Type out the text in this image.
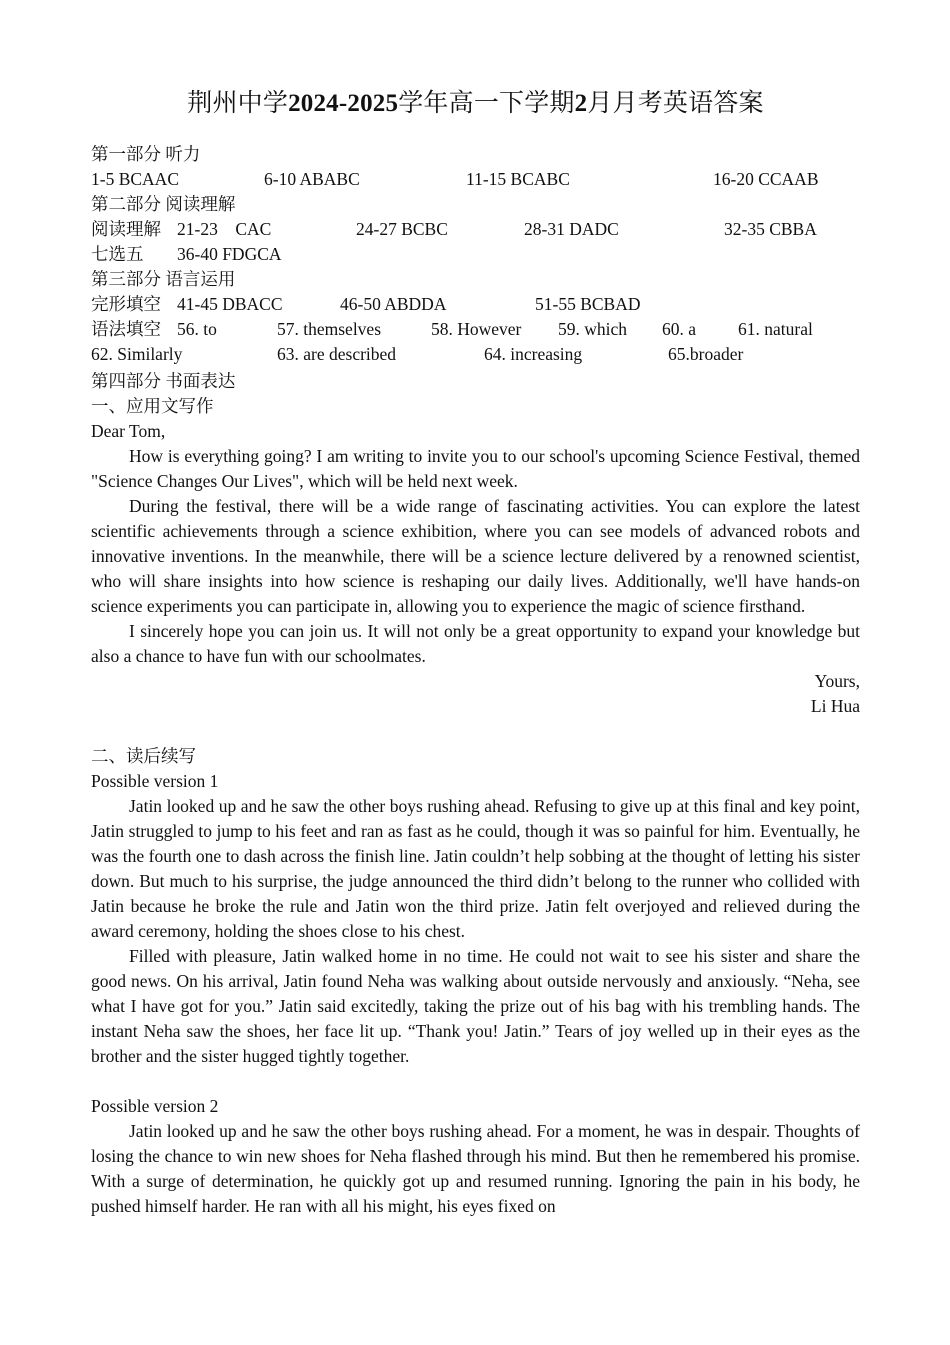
荆州中学2024-2025学年高一下学期2月月考英语答案
第一部分 听力
1-5 BCAAC	6-10 ABABC	11-15 BCABC	16-20 CCAAB
第二部分 阅读理解
阅读理解 21-23    CAC	24-27 BCBC	28-31 DADC	32-35 CBBA
七选五 36-40 FDGCA
第三部分 语言运用
完形填空 41-45 DBACC	46-50 ABDDA	51-55 BCBAD
语法填空 56. to	57. themselves	58. However 59. which 60. a 61. natural
62. Similarly	63. are described	64. increasing	65.broader
第四部分 书面表达
一、应用文写作
Dear Tom,

How is everything going? I am writing to invite you to our school's upcoming Science Festival, themed "Science Changes Our Lives", which will be held next week.

During the festival, there will be a wide range of fascinating activities. You can explore the latest scientific achievements through a science exhibition, where you can see models of advanced robots and innovative inventions. In the meanwhile, there will be a science lecture delivered by a renowned scientist, who will share insights into how science is reshaping our daily lives. Additionally, we'll have hands-on science experiments you can participate in, allowing you to experience the magic of science firsthand.

I sincerely hope you can join us. It will not only be a great opportunity to expand your knowledge but also a chance to have fun with our schoolmates.

Yours,
Li Hua
二、读后续写
Possible version 1

Jatin looked up and he saw the other boys rushing ahead. Refusing to give up at this final and key point, Jatin struggled to jump to his feet and ran as fast as he could, though it was so painful for him. Eventually, he was the fourth one to dash across the finish line. Jatin couldn’t help sobbing at the thought of letting his sister down. But much to his surprise, the judge announced the third didn’t belong to the runner who collided with Jatin because he broke the rule and Jatin won the third prize. Jatin felt overjoyed and relieved during the award ceremony, holding the shoes close to his chest.

Filled with pleasure, Jatin walked home in no time. He could not wait to see his sister and share the good news. On his arrival, Jatin found Neha was walking about outside nervously and anxiously. “Neha, see what I have got for you.” Jatin said excitedly, taking the prize out of his bag with his trembling hands. The instant Neha saw the shoes, her face lit up. “Thank you! Jatin.” Tears of joy welled up in their eyes as the brother and the sister hugged tightly together.

Possible version 2

Jatin looked up and he saw the other boys rushing ahead. For a moment, he was in despair. Thoughts of losing the chance to win new shoes for Neha flashed through his mind. But then he remembered his promise. With a surge of determination, he quickly got up and resumed running. Ignoring the pain in his body, he pushed himself harder. He ran with all his might, his eyes fixed on
